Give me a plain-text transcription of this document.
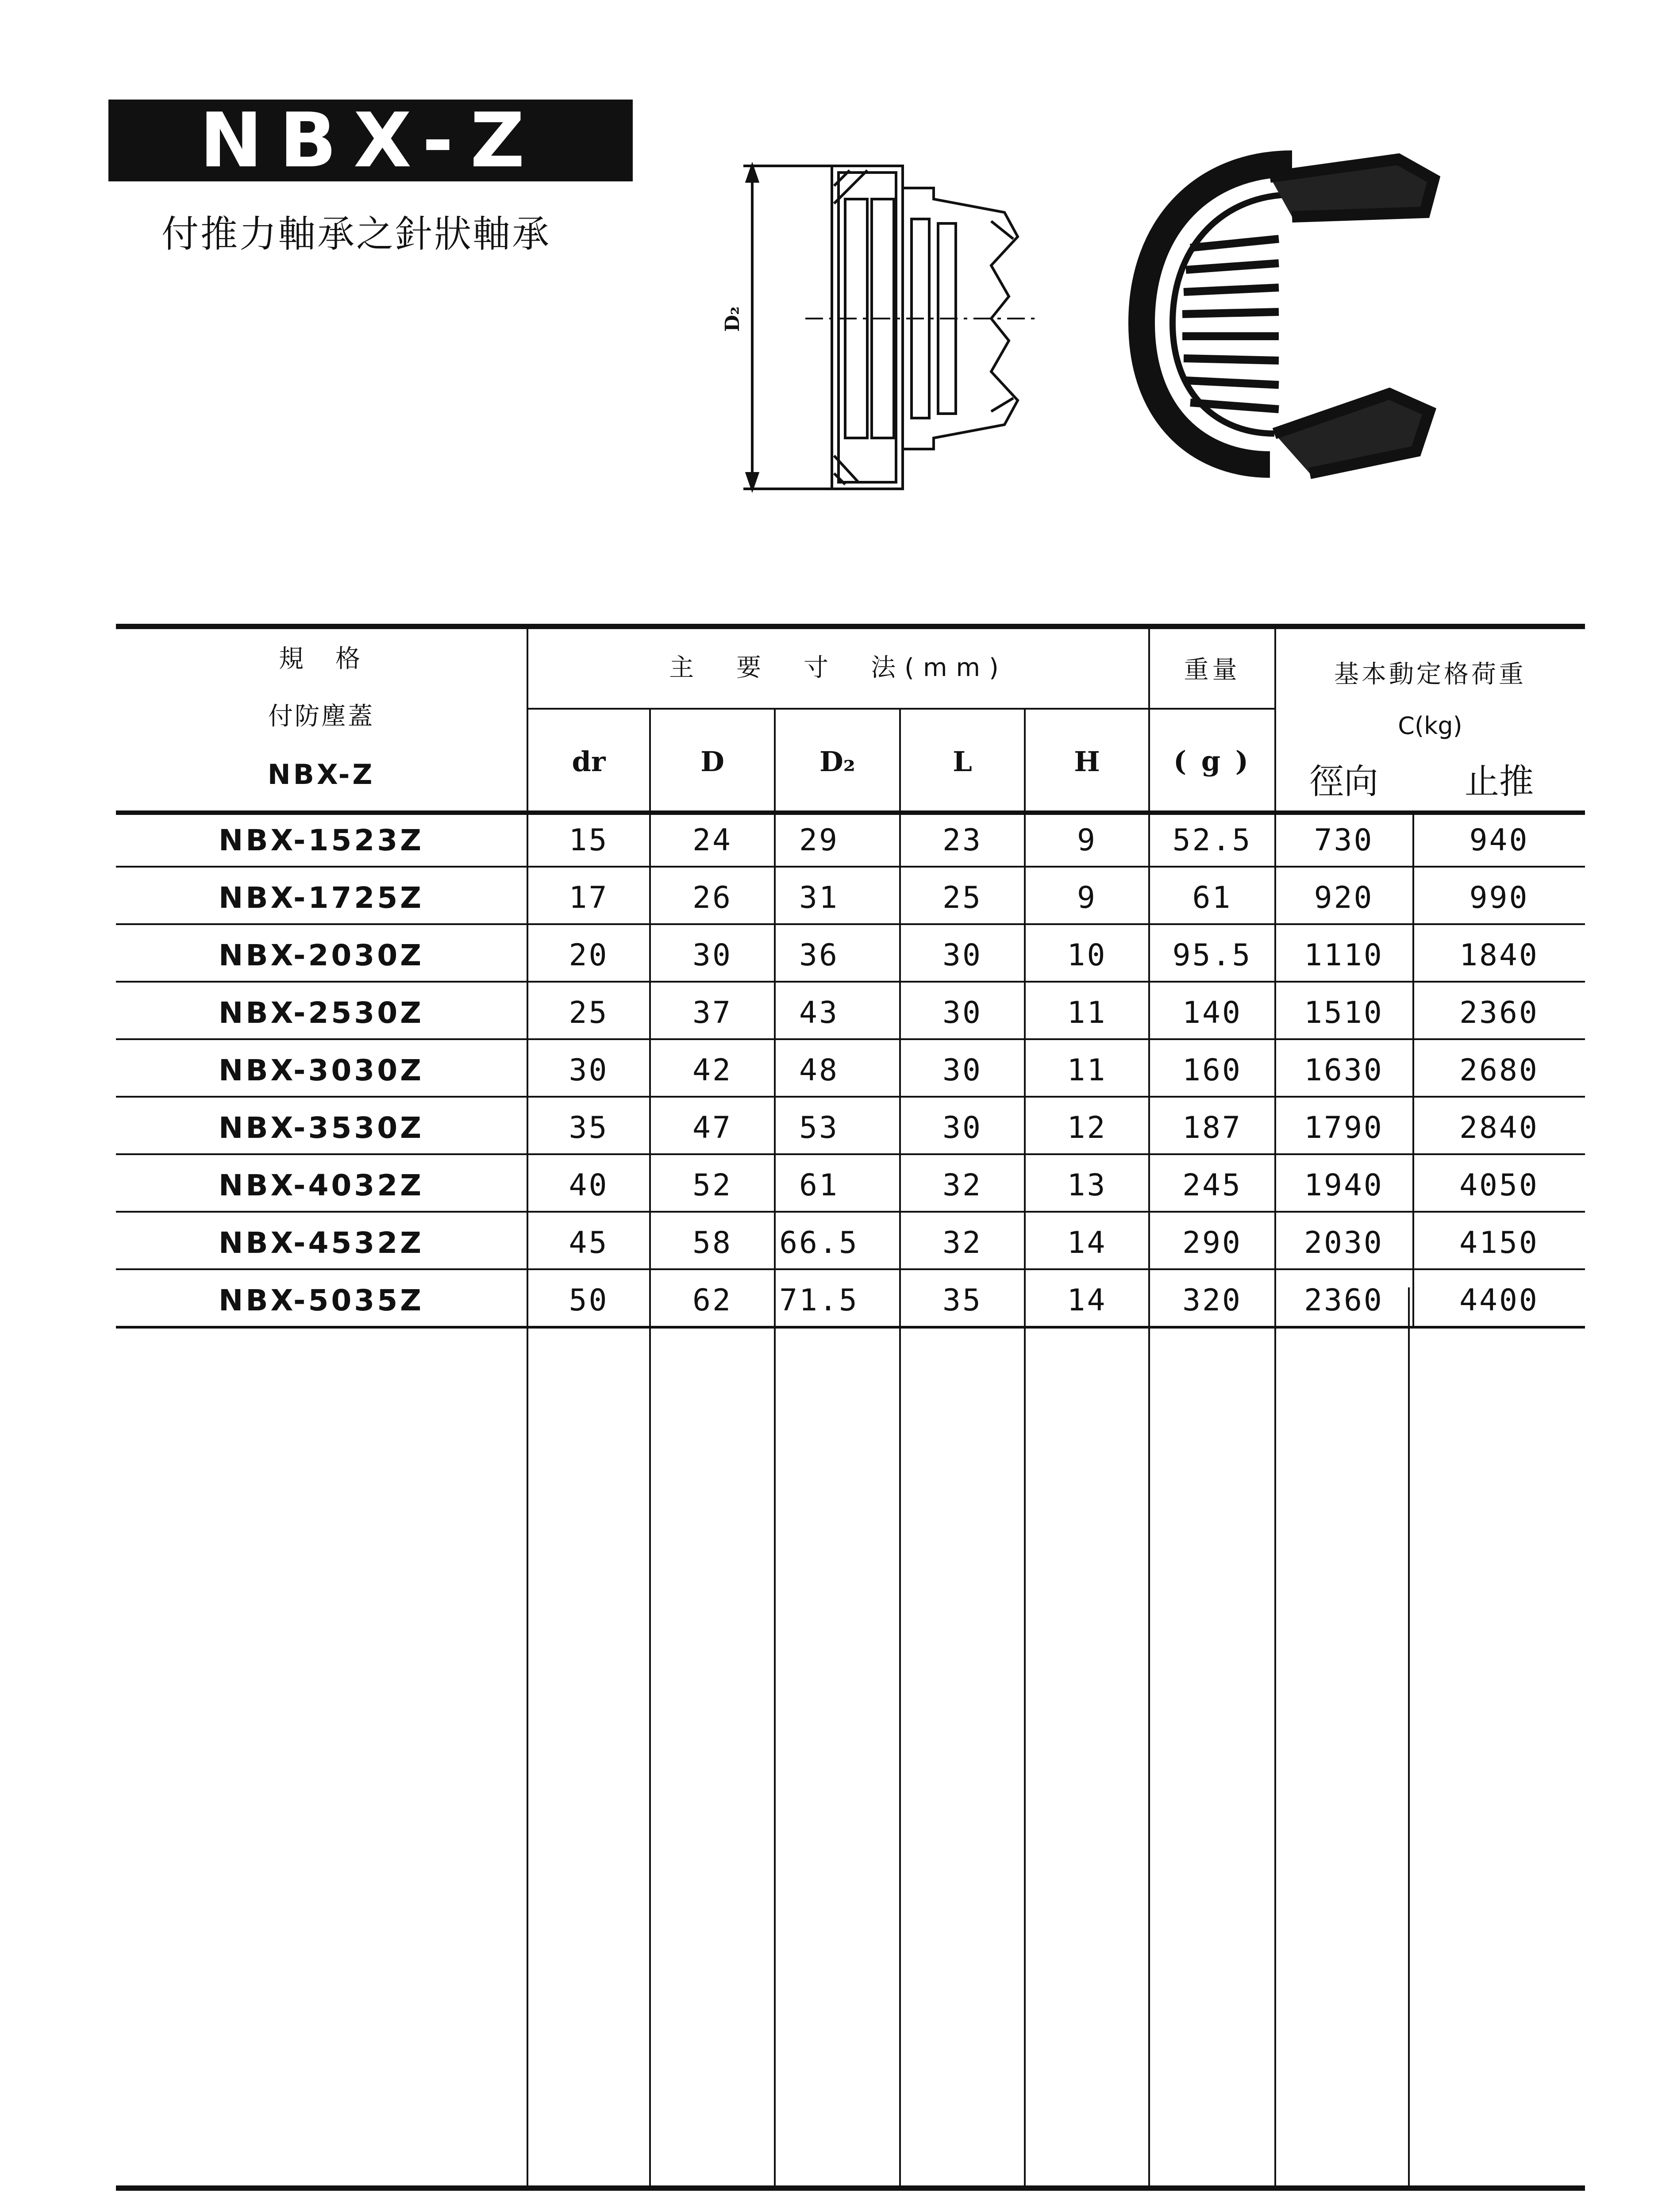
NBX-Z
付推力軸承之針狀軸承
D₂
規　格
付防塵蓋
NBX-Z
主　要　寸　法(mm)
dr	D	D₂	L	H
重量
( g )
基本動定格荷重
C(kg)
徑向	止推
NBX-1523Z	15	24	29	23	9	52.5	730	940
NBX-1725Z	17	26	31	25	9	61	920	990
NBX-2030Z	20	30	36	30	10	95.5	1110	1840
NBX-2530Z	25	37	43	30	11	140	1510	2360
NBX-3030Z	30	42	48	30	11	160	1630	2680
NBX-3530Z	35	47	53	30	12	187	1790	2840
NBX-4032Z	40	52	61	32	13	245	1940	4050
NBX-4532Z	45	58	66.5	32	14	290	2030	4150
NBX-5035Z	50	62	71.5	35	14	320	2360	4400
